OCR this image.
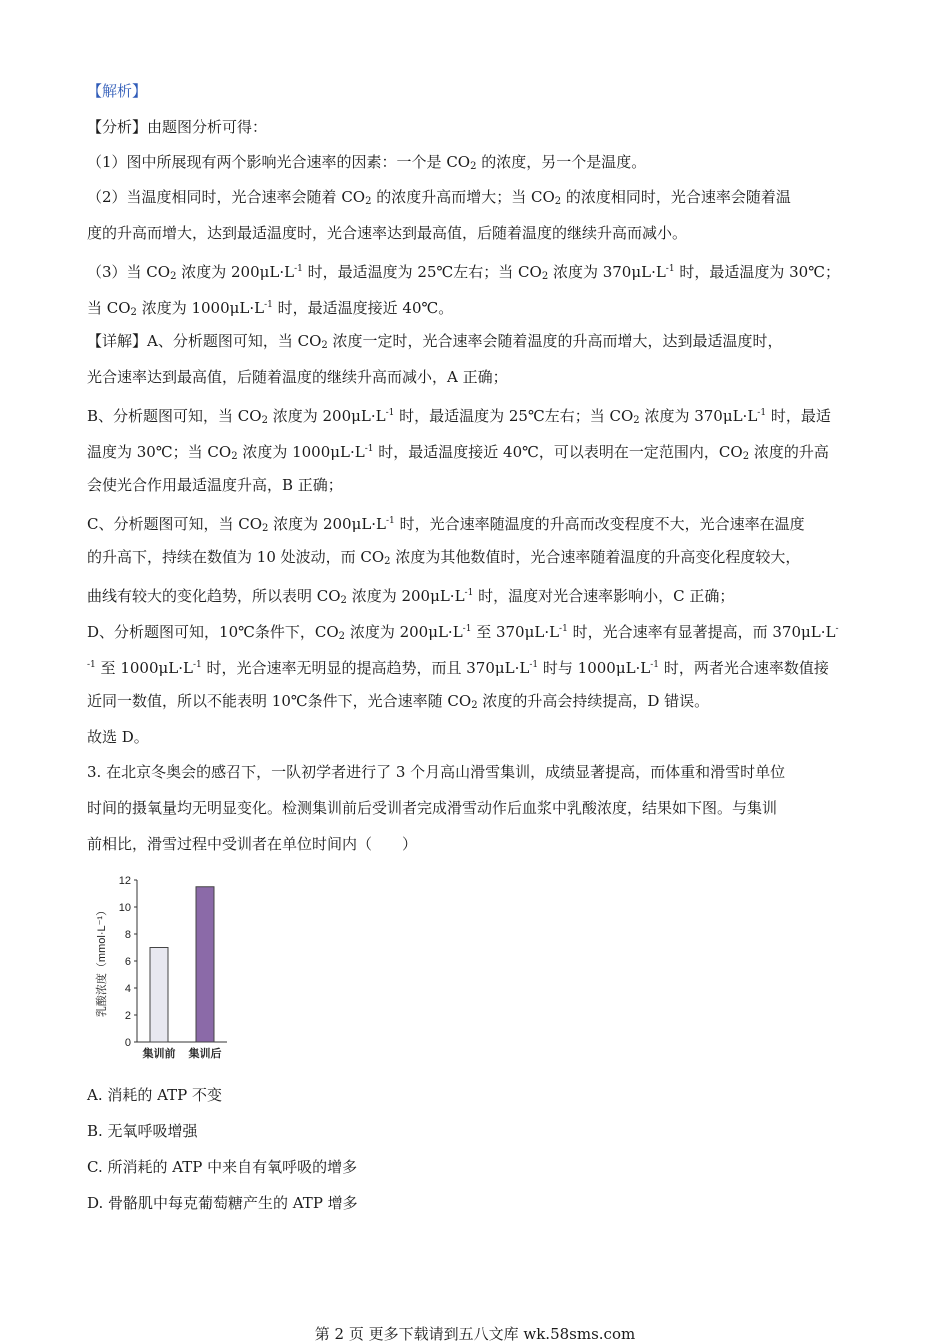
【解析】
【分析】由题图分析可得：
（1）图中所展现有两个影响光合速率的因素：一个是 $CO_2$ 的浓度，另一个是温度。
（2）当温度相同时，光合速率会随着 $CO_2$ 的浓度升高而增大；当 $CO_2$ 的浓度相同时，光合速率会随着温
度的升高而增大，达到最适温度时，光合速率达到最高值，后随着温度的继续升高而减小。
（3）当 $CO_2$ 浓度为 $200\mu L\cdot L^{-1}$ 时，最适温度为 25℃左右；当 $CO_2$ 浓度为 $370\mu L\cdot L^{-1}$ 时，最适温度为 30℃；
当 $CO_2$ 浓度为 $1000\mu L\cdot L^{-1}$ 时，最适温度接近 40℃。
【详解】A、分析题图可知，当 $CO_2$ 浓度一定时，光合速率会随着温度的升高而增大，达到最适温度时，
光合速率达到最高值，后随着温度的继续升高而减小，A 正确；
B、分析题图可知，当 $CO_2$ 浓度为 $200\mu L\cdot L^{-1}$ 时，最适温度为 25℃左右；当 $CO_2$ 浓度为 $370\mu L\cdot L^{-1}$ 时，最适
温度为 30℃；当 $CO_2$ 浓度为 $1000\mu L\cdot L^{-1}$ 时，最适温度接近 40℃，可以表明在一定范围内，$CO_2$ 浓度的升高
会使光合作用最适温度升高，B 正确；
C、分析题图可知，当 $CO_2$ 浓度为 $200\mu L\cdot L^{-1}$ 时，光合速率随温度的升高而改变程度不大，光合速率在温度
的升高下，持续在数值为 10 处波动，而 $CO_2$ 浓度为其他数值时，光合速率随着温度的升高变化程度较大，
曲线有较大的变化趋势，所以表明 $CO_2$ 浓度为 $200\mu L\cdot L^{-1}$ 时，温度对光合速率影响小，C 正确；
D、分析题图可知，10℃条件下，$CO_2$ 浓度为 $200\mu L\cdot L^{-1}$ 至 $370\mu L\cdot L^{-1}$ 时，光合速率有显著提高，而 370μL·L-
$^{-1}$ 至 $1000\mu L\cdot L^{-1}$ 时，光合速率无明显的提高趋势，而且 $370\mu L\cdot L^{-1}$ 时与 $1000\mu L\cdot L^{-1}$ 时，两者光合速率数值接
近同一数值，所以不能表明 10℃条件下，光合速率随 $CO_2$ 浓度的升高会持续提高，D 错误。
故选 D。
3. 在北京冬奥会的感召下，一队初学者进行了 3 个月高山滑雪集训，成绩显著提高，而体重和滑雪时单位
时间的摄氧量均无明显变化。检测集训前后受训者完成滑雪动作后血浆中乳酸浓度，结果如下图。与集训
前相比，滑雪过程中受训者在单位时间内（　　）
A. 消耗的 ATP 不变
B. 无氧呼吸增强
C. 所消耗的 ATP 中来自有氧呼吸的增多
D. 骨骼肌中每克葡萄糖产生的 ATP 增多
0
2
4
6
8
10
12
集训前 集训后
乳酸浓度（mmol·L⁻¹）
第 2 页 更多下载请到五八文库 wk.58sms.com
